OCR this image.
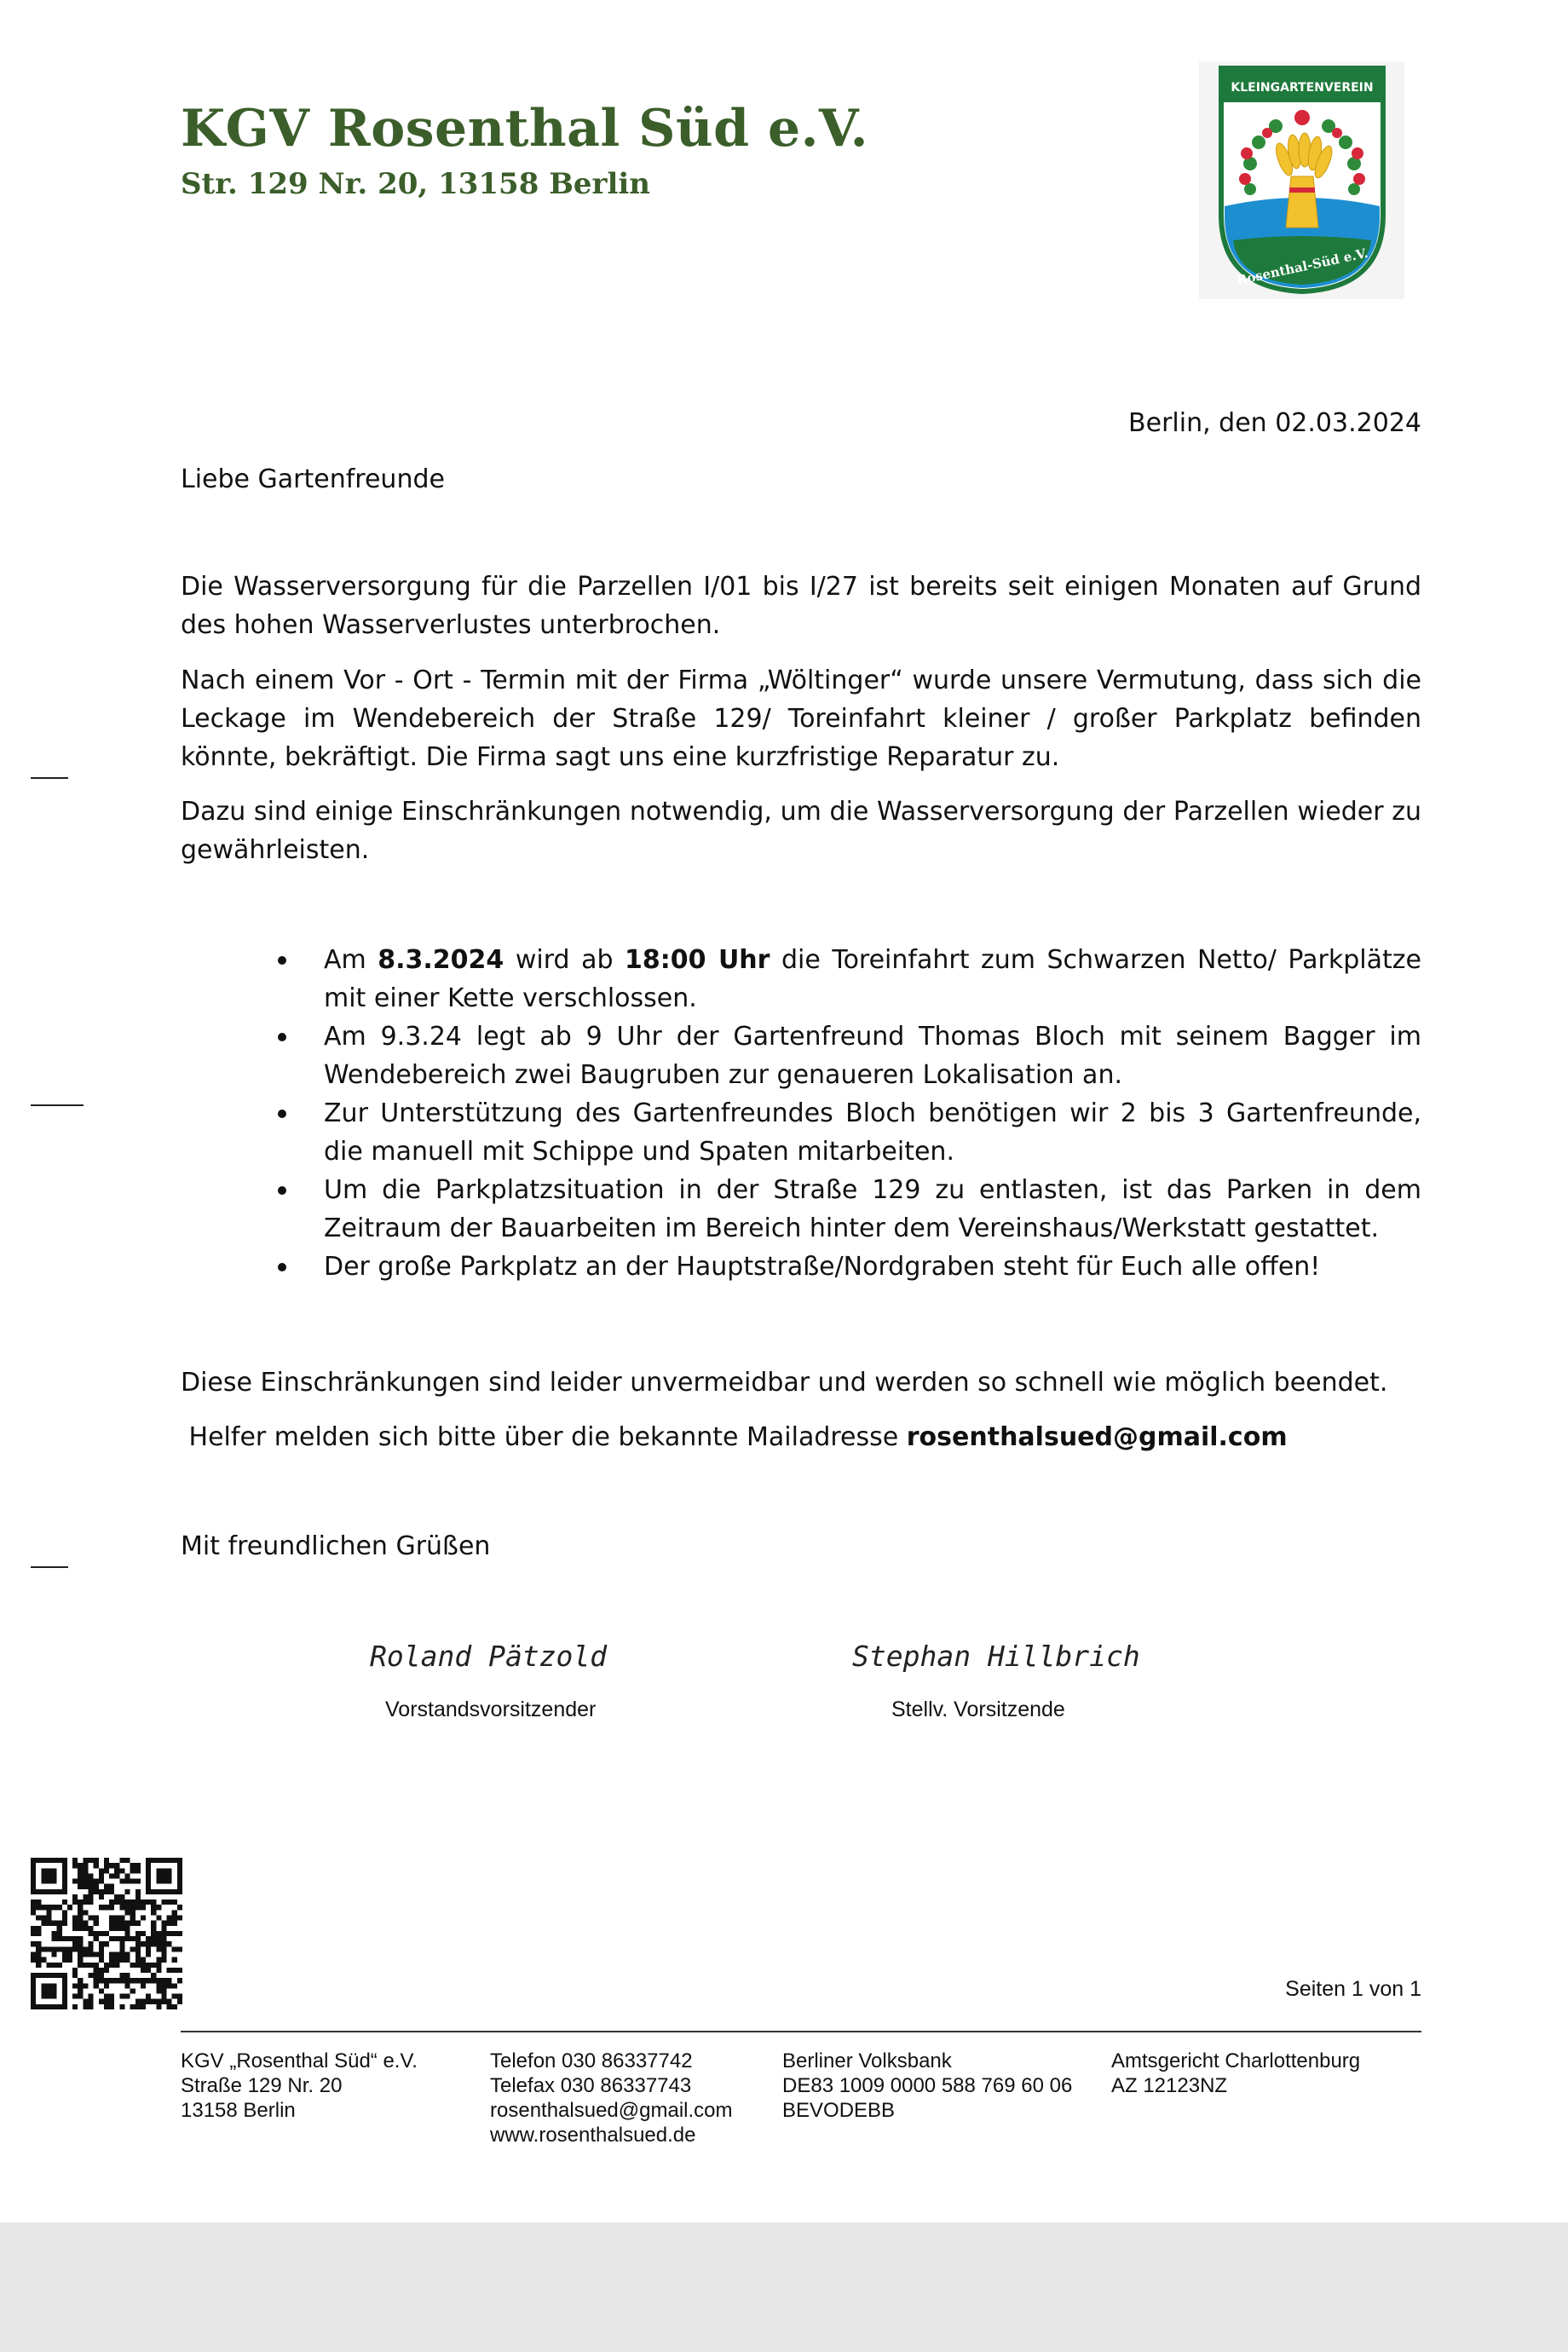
KGV Rosenthal Süd e.V.
Str. 129 Nr. 20, 13158 Berlin
KLEINGARTENVEREIN
Rosenthal-Süd e.V.
Berlin, den 02.03.2024
Liebe Gartenfreunde

Die Wasserversorgung für die Parzellen I/01 bis I/27 ist bereits seit einigen Monaten auf Grund des hohen Wasserverlustes unterbrochen.

Nach einem Vor - Ort - Termin mit der Firma „Wöltinger“ wurde unsere Vermutung, dass sich die Leckage im Wendebereich der Straße 129/ Toreinfahrt kleiner / großer Parkplatz befinden könnte, bekräftigt. Die Firma sagt uns eine kurzfristige Reparatur zu.

Dazu sind einige Einschränkungen notwendig, um die Wasserversorgung der Parzellen wieder zu gewährleisten.

Am 8.3.2024 wird ab 18:00 Uhr die Toreinfahrt zum Schwarzen Netto/ Parkplätze mit einer Kette verschlossen.
Am 9.3.24 legt ab 9 Uhr der Gartenfreund Thomas Bloch mit seinem Bagger im Wendebereich zwei Baugruben zur genaueren Lokalisation an.
Zur Unterstützung des Gartenfreundes Bloch benötigen wir 2 bis 3 Gartenfreunde, die manuell mit Schippe und Spaten mitarbeiten.
Um die Parkplatzsituation in der Straße 129 zu entlasten, ist das Parken in dem Zeitraum der Bauarbeiten im Bereich hinter dem Vereinshaus/Werkstatt gestattet.
Der große Parkplatz an der Hauptstraße/Nordgraben steht für Euch alle offen!

Diese Einschränkungen sind leider unvermeidbar und werden so schnell wie möglich beendet.

Helfer melden sich bitte über die bekannte Mailadresse rosenthalsued@gmail.com

Mit freundlichen Grüßen
Roland Pätzold
Vorstandsvorsitzender
Stephan Hillbrich
Stellv. Vorsitzende
Seiten 1 von 1
KGV „Rosenthal Süd“ e.V.
Straße 129 Nr. 20
13158 Berlin
Telefon 030 86337742
Telefax 030 86337743
rosenthalsued@gmail.com
www.rosenthalsued.de
Berliner Volksbank
DE83 1009 0000 588 769 60 06
BEVODEBB
Amtsgericht Charlottenburg
AZ 12123NZ
